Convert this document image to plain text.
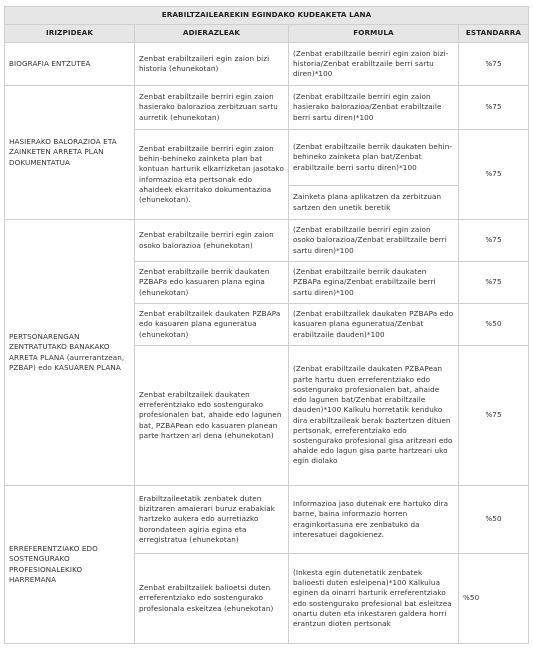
ERABILTZAILEAREKIN EGINDAKO KUDEAKETA LANA			
IRIZPIDEAK	ADIERAZLEAK	FORMULA	ESTANDARRA
BIOGRAFIA ENTZUTEA	Zenbat erabiltzaileri egin zaion bizi historia (ehunekotan)	(Zenbat erabiltzaile berriri egin zaion bizi-historia/Zenbat erabiltzaile berri sartu diren)*100	%75
HASIERAKO BALORAZIOA ETA ZAINKETEN ARRETA PLAN DOKUMENTATUA	Zenbat erabiltzaile berriri egin zaion hasierako balorazioa zerbitzuan sartu aurretik (ehunekotan)	(Zenbat erabiltzaile berriri egin zaion hasierako balorazioa/Zenbat erabiltzaile berri sartu diren)*100	%75
	Zenbat erabiltzaile berriri egin zaion behin-behineko zainketa plan bat kontuan harturik elkarrizketan jasotako informazioa eta pertsonak edo ahaideek ekarritako dokumentazioa (ehunekotan).	(Zenbat erabiltzaile berrik daukaten behin-behineko zainketa plan bat/Zenbat erabiltzaile berri sartu diren)*100	%75
		Zainketa plana aplikatzen da zerbitzuan sartzen den unetik beretik	
PERTSONARENGAN ZENTRATUTAKO BANAKAKO ARRETA PLANA (aurrerantzean, PZBAP) edo KASUAREN PLANA	Zenbat erabiltzaile berriri egin zaion osoko balorazioa (ehunekotan)	(Zenbat erabiltzaile berriri egin zaion osoko balorazioa/Zenbat erabiltzaile berri sartu diren)*100	%75
	Zenbat erabiltzaile berrik daukaten PZBAPa edo kasuaren plana egina (ehunekotan)	(Zenbat erabiltzaile berrik daukaten PZBAPa egina/Zenbat erabiltzaile berri sartu diren)*100	%75
	Zenbat erabiltzailek daukaten PZBAPa edo kasuaren plana eguneratua (ehunekotan)	(Zenbat erabiltzailek daukaten PZBAPa edo kasuaren plana eguneratua/Zenbat erabiltzaile dauden)*100	%50
	Zenbat erabiltzailek daukaten erreferentziako edo sostengurako profesionalen bat, ahaide edo lagunen bat, PZBAPean edo kasuaren planean parte hartzen ari dena (ehunekotan)	(Zenbat erabiltzaile daukaten PZBAPean parte hartu duen erreferentziako edo sostengurako profesionalen bat, ahaide edo lagunen bat/Zenbat erabiltzaile dauden)*100 Kalkulu horretatik kenduko dira erabiltzaileak berak baztertzen dituen pertsonak, erreferentziako edo sostengurako profesional gisa aritzeari edo ahaide edo lagun gisa parte hartzeari uko egin diolako	%75
ERREFERENTZIAKO EDO SOSTENGURAKO PROFESIONALEKIKO HARREMANA	Erabiltzaileetatik zenbatek duten bizitzaren amaierari buruz erabakiak hartzeko aukera edo aurretiazko borondateen agiria egina eta erregistratua (ehunekotan)	Informazioa jaso dutenak ere hartuko dira barne, baina informazio horren eraginkortasuna ere zenbatuko da interesatuei dagokienez.	%50
	Zenbat erabiltzailek balioetsi duten erreferentziako edo sostengurako profesionala eskeitzea (ehunekotan)	(Inkesta egin dutenetatik zenbatek balioesti duten esleipena)*100 Kalkulua eginen da oinarri harturik erreferentziako edo sostengurako profesional bat esleitzea onartu duten eta inkestaren galdera horri erantzun dioten pertsonak	%50
